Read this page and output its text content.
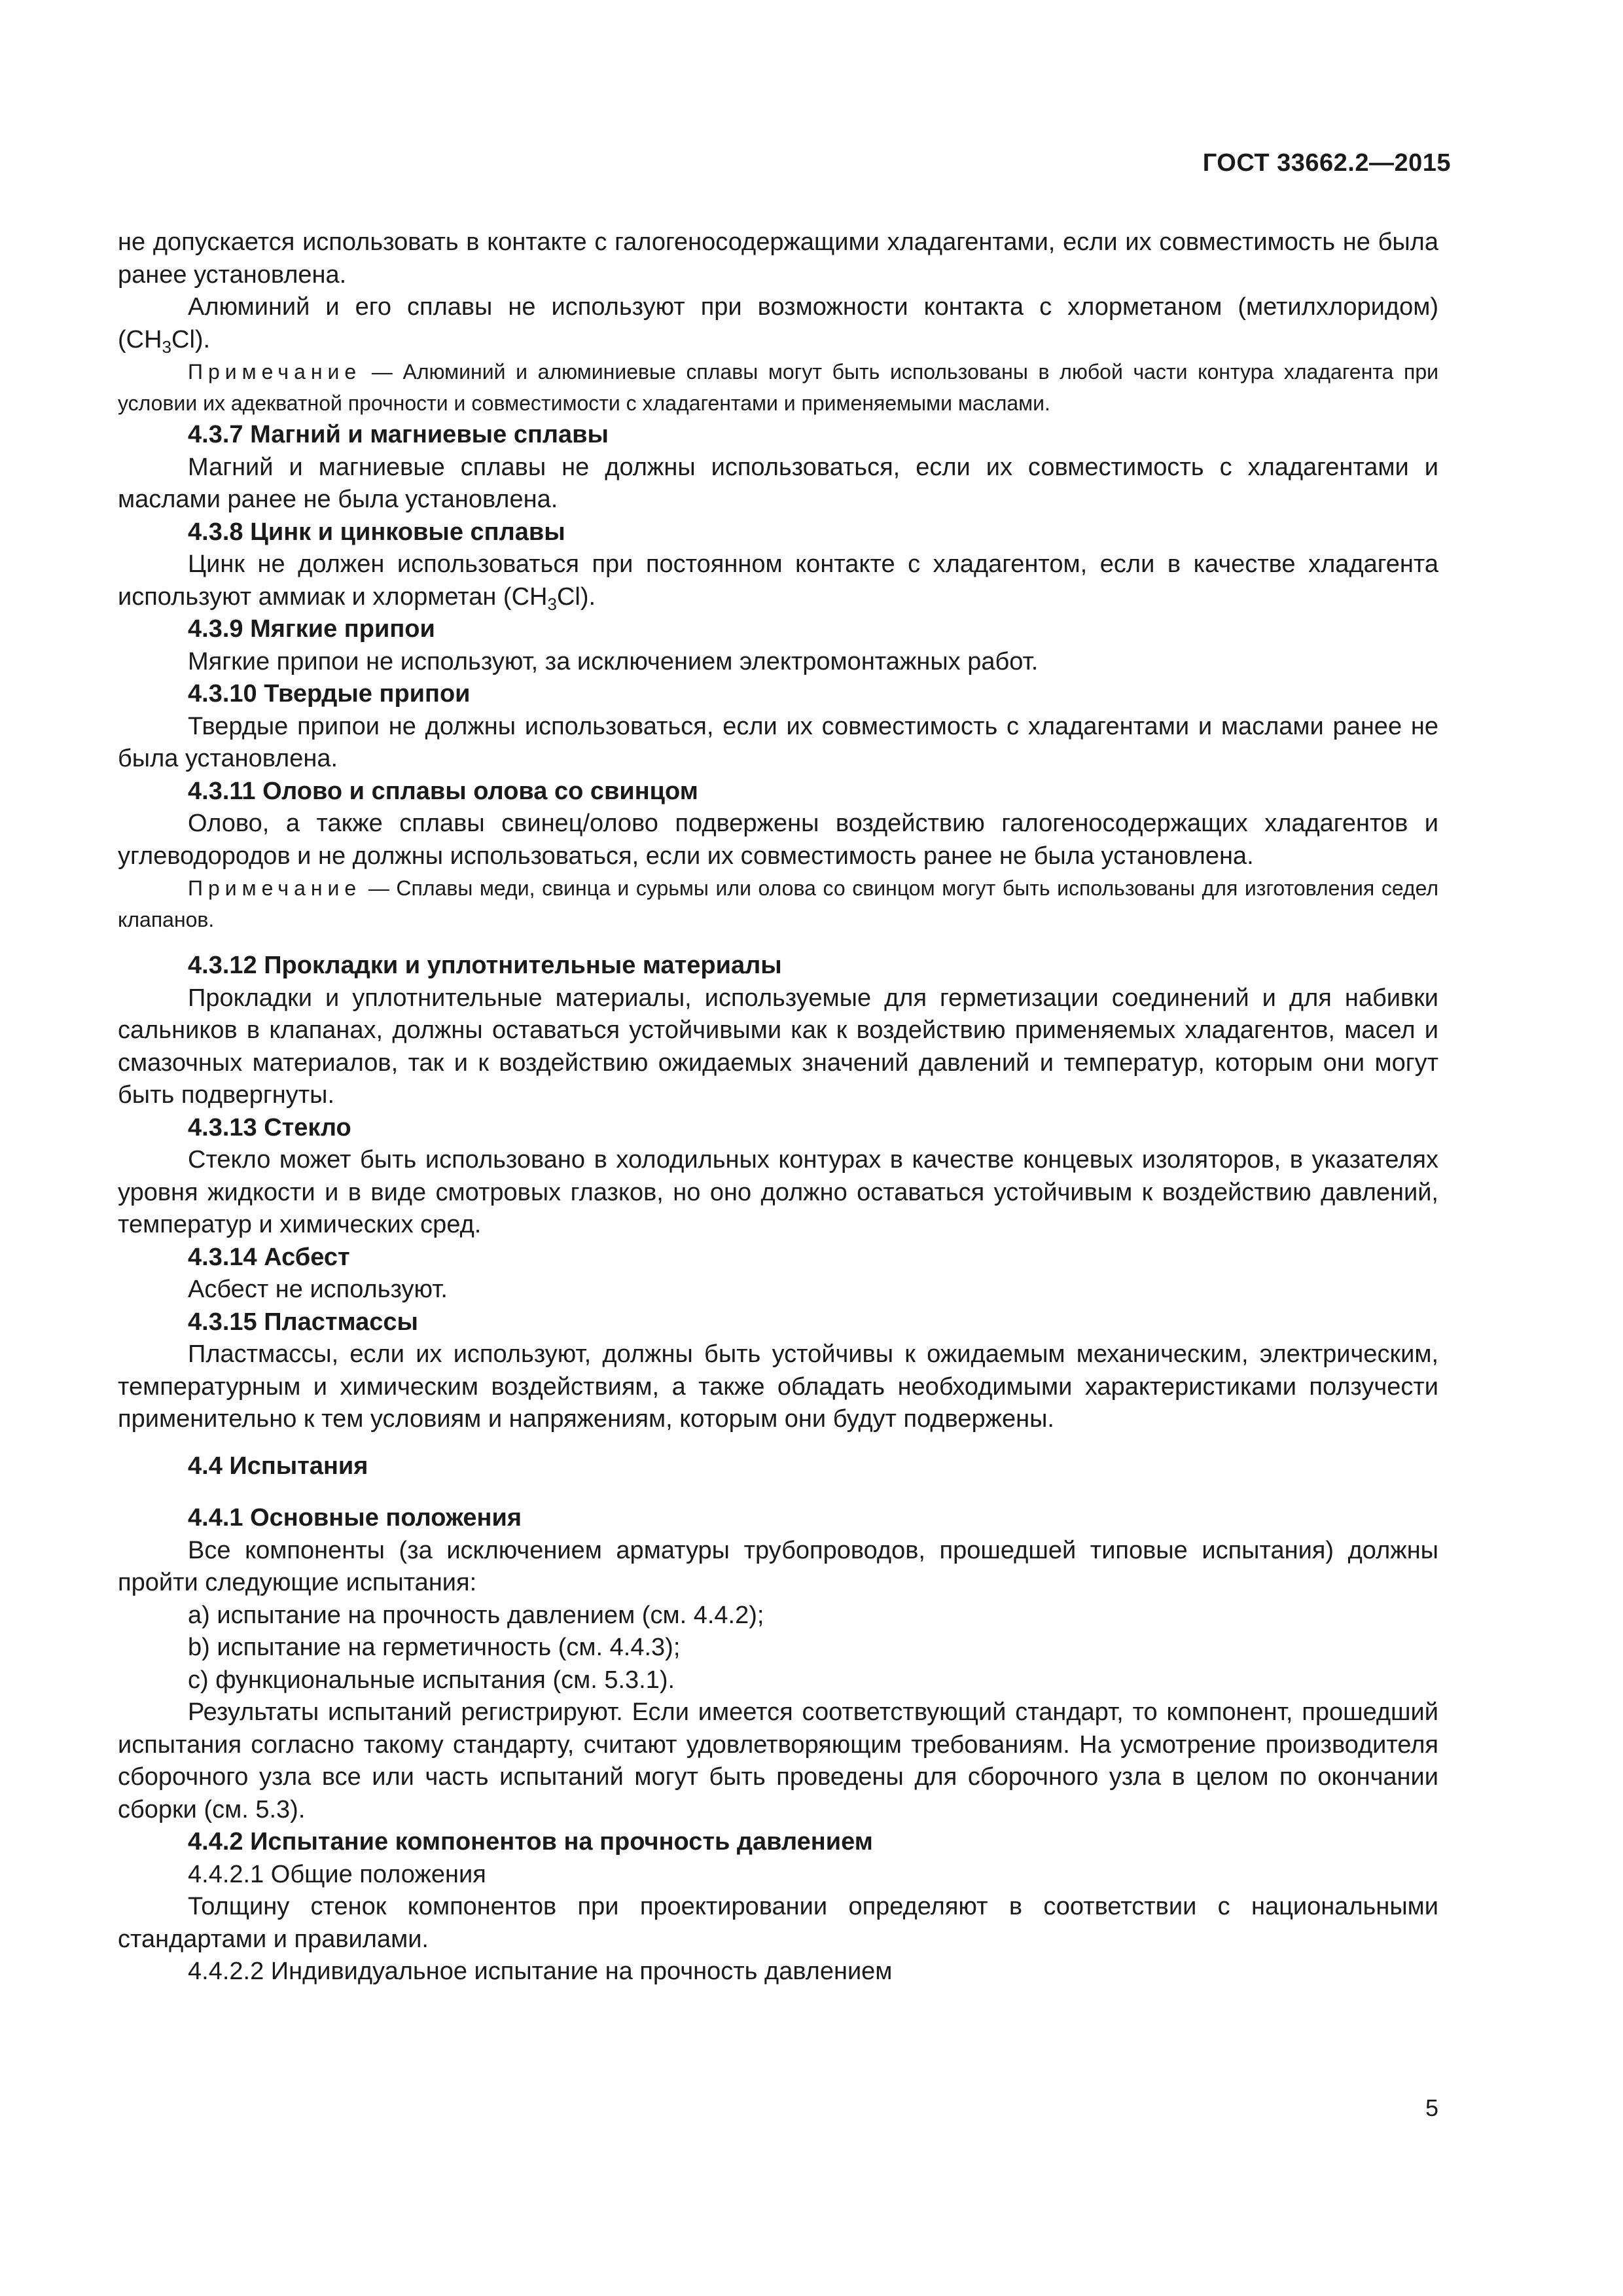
ГОСТ 33662.2—2015

не допускается использовать в контакте с галогеносодержащими хладагентами, если их совместимость не была ранее установлена.

Алюминий и его сплавы не используют при возможности контакта с хлорметаном (метилхлоридом) $(CH_3Cl)$.

Примечание — Алюминий и алюминиевые сплавы могут быть использованы в любой части контура хладагента при условии их адекватной прочности и совместимости с хладагентами и применяемыми маслами.

4.3.7 Магний и магниевые сплавы

Магний и магниевые сплавы не должны использоваться, если их совместимость с хладагентами и маслами ранее не была установлена.

4.3.8 Цинк и цинковые сплавы

Цинк не должен использоваться при постоянном контакте с хладагентом, если в качестве хладагента используют аммиак и хлорметан $(CH_3Cl)$.

4.3.9 Мягкие припои

Мягкие припои не используют, за исключением электромонтажных работ.

4.3.10 Твердые припои

Твердые припои не должны использоваться, если их совместимость с хладагентами и маслами ранее не была установлена.

4.3.11 Олово и сплавы олова со свинцом

Олово, а также сплавы свинец/олово подвержены воздействию галогеносодержащих хладагентов и углеводородов и не должны использоваться, если их совместимость ранее не была установлена.

Примечание — Сплавы меди, свинца и сурьмы или олова со свинцом могут быть использованы для изготовления седел клапанов.

4.3.12 Прокладки и уплотнительные материалы

Прокладки и уплотнительные материалы, используемые для герметизации соединений и для набивки сальников в клапанах, должны оставаться устойчивыми как к воздействию применяемых хладагентов, масел и смазочных материалов, так и к воздействию ожидаемых значений давлений и температур, которым они могут быть подвергнуты.

4.3.13 Стекло

Стекло может быть использовано в холодильных контурах в качестве концевых изоляторов, в указателях уровня жидкости и в виде смотровых глазков, но оно должно оставаться устойчивым к воздействию давлений, температур и химических сред.

4.3.14 Асбест

Асбест не используют.

4.3.15 Пластмассы

Пластмассы, если их используют, должны быть устойчивы к ожидаемым механическим, электрическим, температурным и химическим воздействиям, а также обладать необходимыми характеристиками ползучести применительно к тем условиям и напряжениям, которым они будут подвержены.

4.4 Испытания

4.4.1 Основные положения

Все компоненты (за исключением арматуры трубопроводов, прошедшей типовые испытания) должны пройти следующие испытания:

a) испытание на прочность давлением (см. 4.4.2);

b) испытание на герметичность (см. 4.4.3);

c) функциональные испытания (см. 5.3.1).

Результаты испытаний регистрируют. Если имеется соответствующий стандарт, то компонент, прошедший испытания согласно такому стандарту, считают удовлетворяющим требованиям. На усмотрение производителя сборочного узла все или часть испытаний могут быть проведены для сборочного узла в целом по окончании сборки (см. 5.3).

4.4.2 Испытание компонентов на прочность давлением

4.4.2.1 Общие положения

Толщину стенок компонентов при проектировании определяют в соответствии с национальными стандартами и правилами.

4.4.2.2 Индивидуальное испытание на прочность давлением

5
